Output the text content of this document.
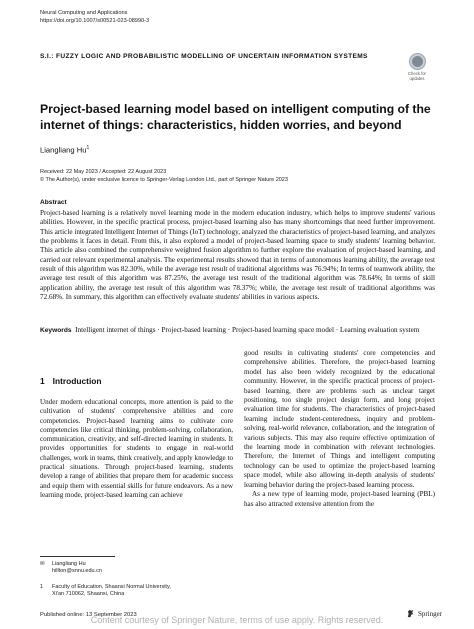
Neural Computing and Applications
https://doi.org/10.1007/s00521-023-08990-3
S.I.: FUZZY LOGIC AND PROBABILISTIC MODELLING OF UNCERTAIN INFORMATION SYSTEMS
Check for
updates
Project-based learning model based on intelligent computing of the internet of things: characteristics, hidden worries, and beyond
Liangliang Hu$^1$
Received: 22 May 2023 / Accepted: 22 August 2023
© The Author(s), under exclusive licence to Springer-Verlag London Ltd., part of Springer Nature 2023
Abstract
Project-based learning is a relatively novel learning mode in the modern education industry, which helps to improve students' various abilities. However, in the specific practical process, project-based learning also has many shortcomings that need further improvement. This article integrated Intelligent Internet of Things (IoT) technology, analyzed the characteristics of project-based learning, and analyzes the problems it faces in detail. From this, it also explored a model of project-based learning space to study students' learning behavior. This article also combined the comprehensive weighted fusion algorithm to further explore the evaluation of project-based learning, and carried out relevant experimental analysis. The experimental results showed that in terms of autonomous learning ability, the average test result of this algorithm was 82.30%, while the average test result of traditional algorithms was 76.94%; In terms of teamwork ability, the average test result of this algorithm was 87.25%, the average test result of the traditional algorithm was 78.64%; In terms of skill application ability, the average test result of this algorithm was 78.37%; while, the average test result of traditional algorithms was 72.68%. In summary, this algorithm can effectively evaluate students' abilities in various aspects.
Keywords Intelligent internet of things · Project-based learning · Project-based learning space model · Learning evaluation system
1 Introduction
Under modern educational concepts, more attention is paid to the cultivation of students' comprehensive abilities and core competencies. Project-based learning aims to cultivate core competencies like critical thinking, problem-solving, collaboration, communication, creativity, and self-directed learning in students. It provides opportunities for students to engage in real-world challenges, work in teams, think creatively, and apply knowledge to practical situations. Through project-based learning, students develop a range of abilities that prepare them for academic success and equip them with essential skills for future endeavors. As a new learning mode, project-based learning can achieve
good results in cultivating students' core competencies and comprehensive abilities. Therefore, the project-based learning model has also been widely recognized by the educational community. However, in the specific practical process of project-based learning, there are problems such as unclear target positioning, too single project design form, and long project evaluation time for students. The characteristics of project-based learning include student-centeredness, inquiry and problem-solving, real-world relevance, collaboration, and the integration of various subjects. This may also require effective optimization of the learning mode in combination with relevant technologies. Therefore, the Internet of Things and intelligent computing technology can be used to optimize the project-based learning space model, while also allowing in-depth analysis of students' learning behavior during the project-based learning process.
As a new type of learning mode, project-based learning (PBL) has also attracted extensive attention from the
✉	Liangliang Hu
hillton@snnu.edu.cn
1	Faculty of Education, Shaanxi Normal University,
Xi'an 710062, Shaanxi, China
Published online: 13 September 2023	Springer
Content courtesy of Springer Nature, terms of use apply. Rights reserved.
